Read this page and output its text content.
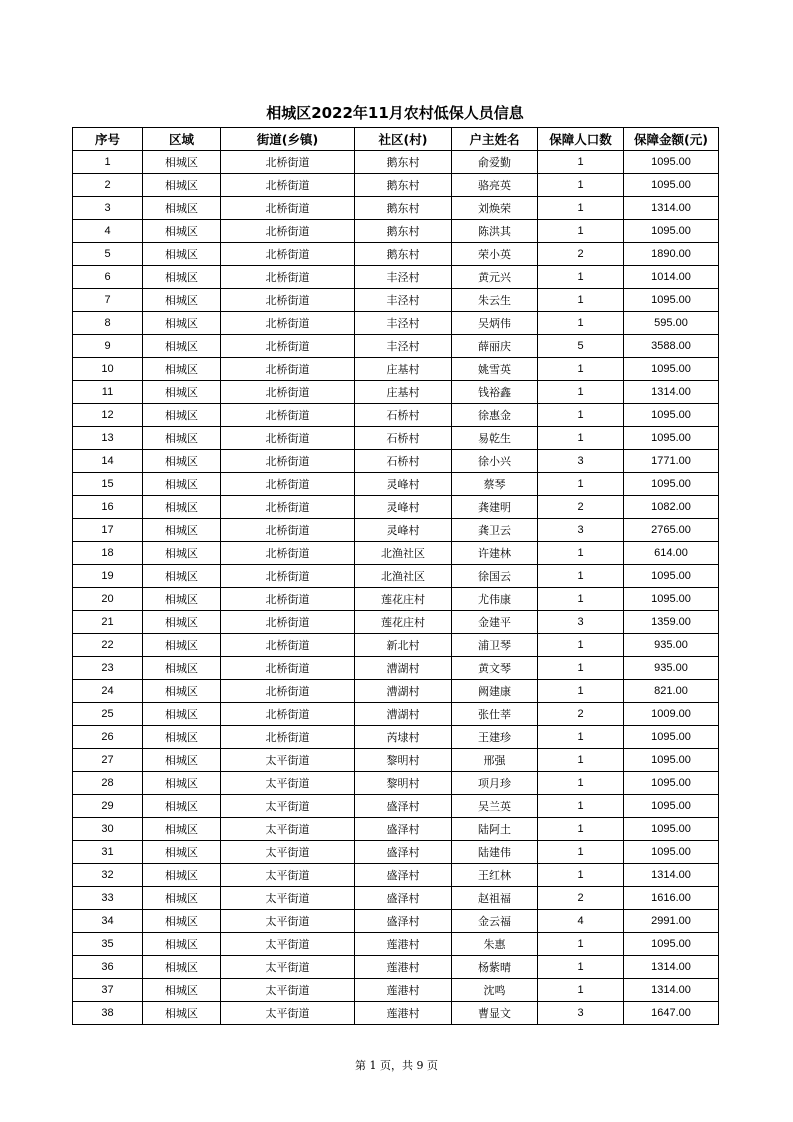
相城区2022年11月农村低保人员信息
序号	区域	街道(乡镇)	社区(村)	户主姓名	保障人口数	保障金额(元)
1	相城区	北桥街道	鹅东村	俞爱勤	1	1095.00
2	相城区	北桥街道	鹅东村	骆亮英	1	1095.00
3	相城区	北桥街道	鹅东村	刘焕荣	1	1314.00
4	相城区	北桥街道	鹅东村	陈洪其	1	1095.00
5	相城区	北桥街道	鹅东村	荣小英	2	1890.00
6	相城区	北桥街道	丰泾村	黄元兴	1	1014.00
7	相城区	北桥街道	丰泾村	朱云生	1	1095.00
8	相城区	北桥街道	丰泾村	吴炳伟	1	595.00
9	相城区	北桥街道	丰泾村	薛丽庆	5	3588.00
10	相城区	北桥街道	庄基村	姚雪英	1	1095.00
11	相城区	北桥街道	庄基村	钱裕鑫	1	1314.00
12	相城区	北桥街道	石桥村	徐惠金	1	1095.00
13	相城区	北桥街道	石桥村	易乾生	1	1095.00
14	相城区	北桥街道	石桥村	徐小兴	3	1771.00
15	相城区	北桥街道	灵峰村	蔡琴	1	1095.00
16	相城区	北桥街道	灵峰村	龚建明	2	1082.00
17	相城区	北桥街道	灵峰村	龚卫云	3	2765.00
18	相城区	北桥街道	北渔社区	许建林	1	614.00
19	相城区	北桥街道	北渔社区	徐国云	1	1095.00
20	相城区	北桥街道	莲花庄村	尤伟康	1	1095.00
21	相城区	北桥街道	莲花庄村	金建平	3	1359.00
22	相城区	北桥街道	新北村	浦卫琴	1	935.00
23	相城区	北桥街道	漕湖村	黄文琴	1	935.00
24	相城区	北桥街道	漕湖村	阙建康	1	821.00
25	相城区	北桥街道	漕湖村	张仕莘	2	1009.00
26	相城区	北桥街道	芮埭村	王建珍	1	1095.00
27	相城区	太平街道	黎明村	邢强	1	1095.00
28	相城区	太平街道	黎明村	项月珍	1	1095.00
29	相城区	太平街道	盛泽村	吴兰英	1	1095.00
30	相城区	太平街道	盛泽村	陆阿土	1	1095.00
31	相城区	太平街道	盛泽村	陆建伟	1	1095.00
32	相城区	太平街道	盛泽村	王红林	1	1314.00
33	相城区	太平街道	盛泽村	赵祖福	2	1616.00
34	相城区	太平街道	盛泽村	金云福	4	2991.00
35	相城区	太平街道	莲港村	朱惠	1	1095.00
36	相城区	太平街道	莲港村	杨紫晴	1	1314.00
37	相城区	太平街道	莲港村	沈鸣	1	1314.00
38	相城区	太平街道	莲港村	曹显文	3	1647.00
第 1 页，共 9 页
